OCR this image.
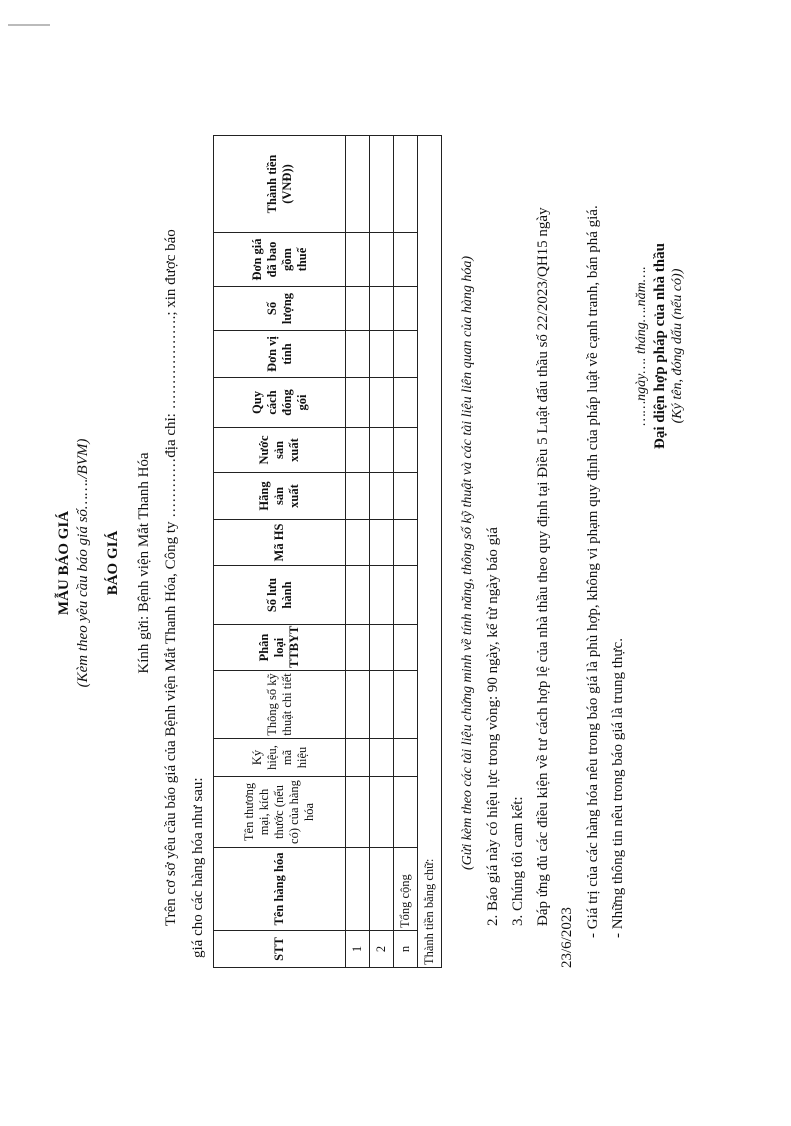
MẪU BÁO GIÁ (Kèm theo yêu cầu báo giá số……./BVM) BÁO GIÁ Kính gửi: Bệnh viện Mắt Thanh Hóa Trên cơ sở yêu cầu báo giá của Bệnh viện Mắt Thanh Hóa, Công ty …………địa chỉ: ……………….; xin được báo giá cho các hàng hóa như sau:	STT	Tên hàng hóa	Tên thương mại, kích thước (nếu có) của hàng hóa	Ký hiệu, mã hiệu	Thông số kỹ thuật chi tiết	Phân loại TTBYT	Số lưu hành	Mã HS	Hãng sản xuất	Nước sản xuất	Quy cách đóng gói	Đơn vị tính	Số lượng	Đơn giá đã bao gồm thuế	Thành tiền (VNĐ))
1														
2														
n	Tổng cộng													
Thành tiền bằng chữ:														
(Gửi kèm theo các tài liệu chứng minh về tính năng, thông số kỹ thuật và các tài liệu liên quan của hàng hóa) 2. Báo giá này có hiệu lực trong vòng: 90 ngày, kể từ ngày báo giá 3. Chúng tôi cam kết: Đáp ứng đủ các điều kiện về tư cách hợp lệ của nhà thầu theo quy định tại Điều 5 Luật đấu thầu số 22/2023/QH15 ngày
23/6/2023 - Giá trị của các hàng hóa nêu trong báo giá là phù hợp, không vi phạm quy định của pháp luật về cạnh tranh, bán phá giá. - Những thông tin nêu trong báo giá là trung thực.
……ngày…. tháng….năm…. Đại diện hợp pháp của nhà thầu (Ký tên, đóng dấu (nếu có))
